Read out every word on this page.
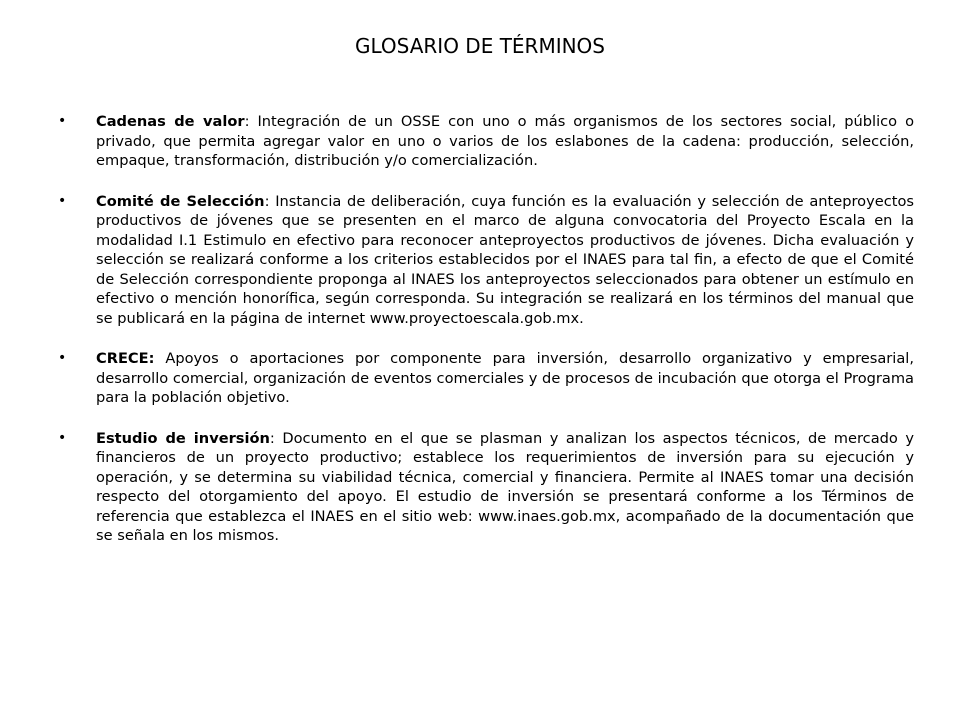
GLOSARIO DE TÉRMINOS
• Cadenas de valor: Integración de un OSSE con uno o más organismos de los sectores social, público o privado, que permita agregar valor en uno o varios de los eslabones de la cadena: producción, selección, empaque, transformación, distribución y/o comercialización.
• Comité de Selección: Instancia de deliberación, cuya función es la evaluación y selección de anteproyectos productivos de jóvenes que se presenten en el marco de alguna convocatoria del Proyecto Escala en la modalidad I.1 Estimulo en efectivo para reconocer anteproyectos productivos de jóvenes. Dicha evaluación y selección se realizará conforme a los criterios establecidos por el INAES para tal fin, a efecto de que el Comité de Selección correspondiente proponga al INAES los anteproyectos seleccionados para obtener un estímulo en efectivo o mención honorífica, según corresponda. Su integración se realizará en los términos del manual que se publicará en la página de internet www.proyectoescala.gob.mx.
• CRECE: Apoyos o aportaciones por componente para inversión, desarrollo organizativo y empresarial, desarrollo comercial, organización de eventos comerciales y de procesos de incubación que otorga el Programa para la población objetivo.
• Estudio de inversión: Documento en el que se plasman y analizan los aspectos técnicos, de mercado y financieros de un proyecto productivo; establece los requerimientos de inversión para su ejecución y operación, y se determina su viabilidad técnica, comercial y financiera. Permite al INAES tomar una decisión respecto del otorgamiento del apoyo. El estudio de inversión se presentará conforme a los Términos de referencia que establezca el INAES en el sitio web: www.inaes.gob.mx, acompañado de la documentación que se señala en los mismos.
